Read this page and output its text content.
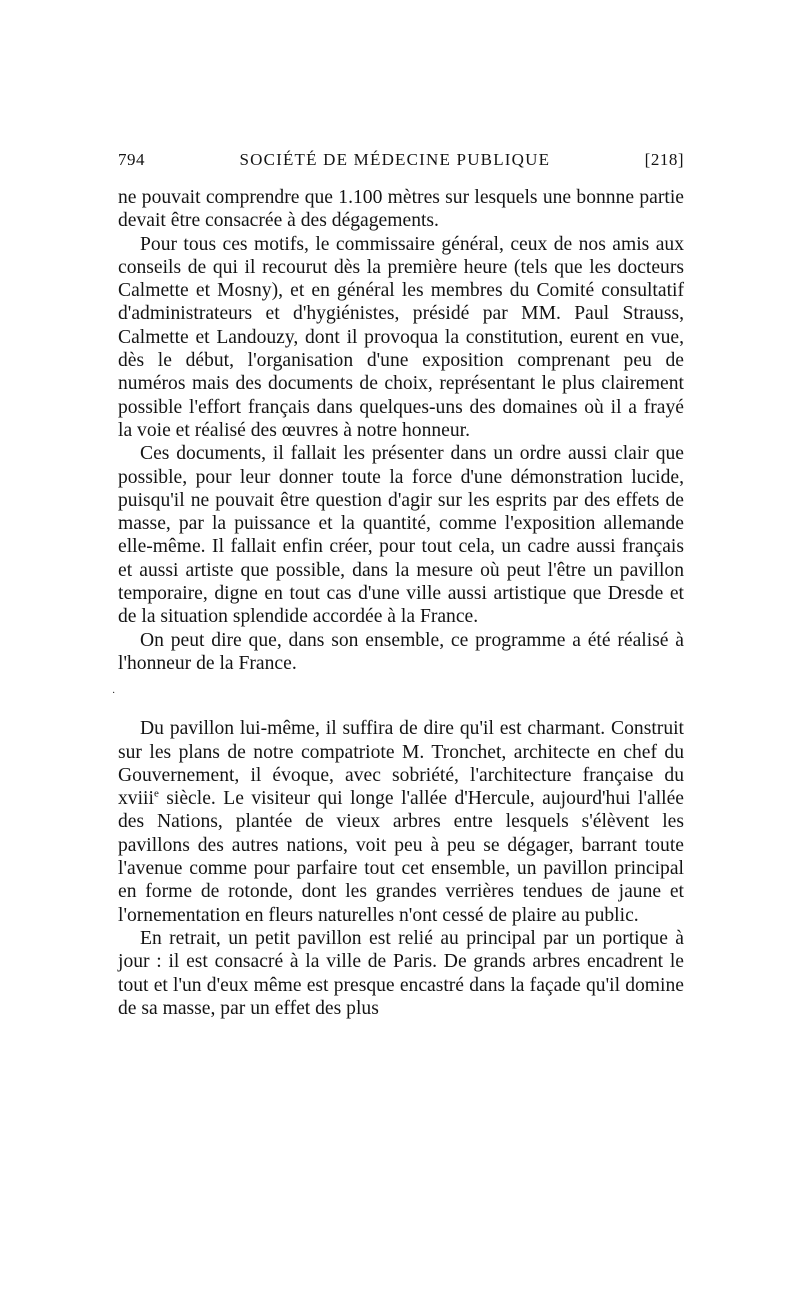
794	SOCIÉTÉ DE MÉDECINE PUBLIQUE	[218]

ne pouvait comprendre que 1.100 mètres sur lesquels une bonnne partie devait être consacrée à des dégagements.

Pour tous ces motifs, le commissaire général, ceux de nos amis aux conseils de qui il recourut dès la première heure (tels que les docteurs Calmette et Mosny), et en général les membres du Comité consultatif d'administrateurs et d'hygiénistes, présidé par MM. Paul Strauss, Calmette et Landouzy, dont il provoqua la constitution, eurent en vue, dès le début, l'organisation d'une exposition comprenant peu de numéros mais des documents de choix, représentant le plus clairement possible l'effort français dans quelques-uns des domaines où il a frayé la voie et réalisé des œuvres à notre honneur.

Ces documents, il fallait les présenter dans un ordre aussi clair que possible, pour leur donner toute la force d'une démonstration lucide, puisqu'il ne pouvait être question d'agir sur les esprits par des effets de masse, par la puissance et la quantité, comme l'exposition allemande elle-même. Il fallait enfin créer, pour tout cela, un cadre aussi français et aussi artiste que possible, dans la mesure où peut l'être un pavillon temporaire, digne en tout cas d'une ville aussi artistique que Dresde et de la situation splendide accordée à la France.

On peut dire que, dans son ensemble, ce programme a été réalisé à l'honneur de la France.

·

Du pavillon lui-même, il suffira de dire qu'il est charmant. Construit sur les plans de notre compatriote M. Tronchet, architecte en chef du Gouvernement, il évoque, avec sobriété, l'architecture française du xviii$^e$ siècle. Le visiteur qui longe l'allée d'Hercule, aujourd'hui l'allée des Nations, plantée de vieux arbres entre lesquels s'élèvent les pavillons des autres nations, voit peu à peu se dégager, barrant toute l'avenue comme pour parfaire tout cet ensemble, un pavillon principal en forme de rotonde, dont les grandes verrières tendues de jaune et l'ornementation en fleurs naturelles n'ont cessé de plaire au public.

En retrait, un petit pavillon est relié au principal par un portique à jour : il est consacré à la ville de Paris. De grands arbres encadrent le tout et l'un d'eux même est presque encastré dans la façade qu'il domine de sa masse, par un effet des plus
